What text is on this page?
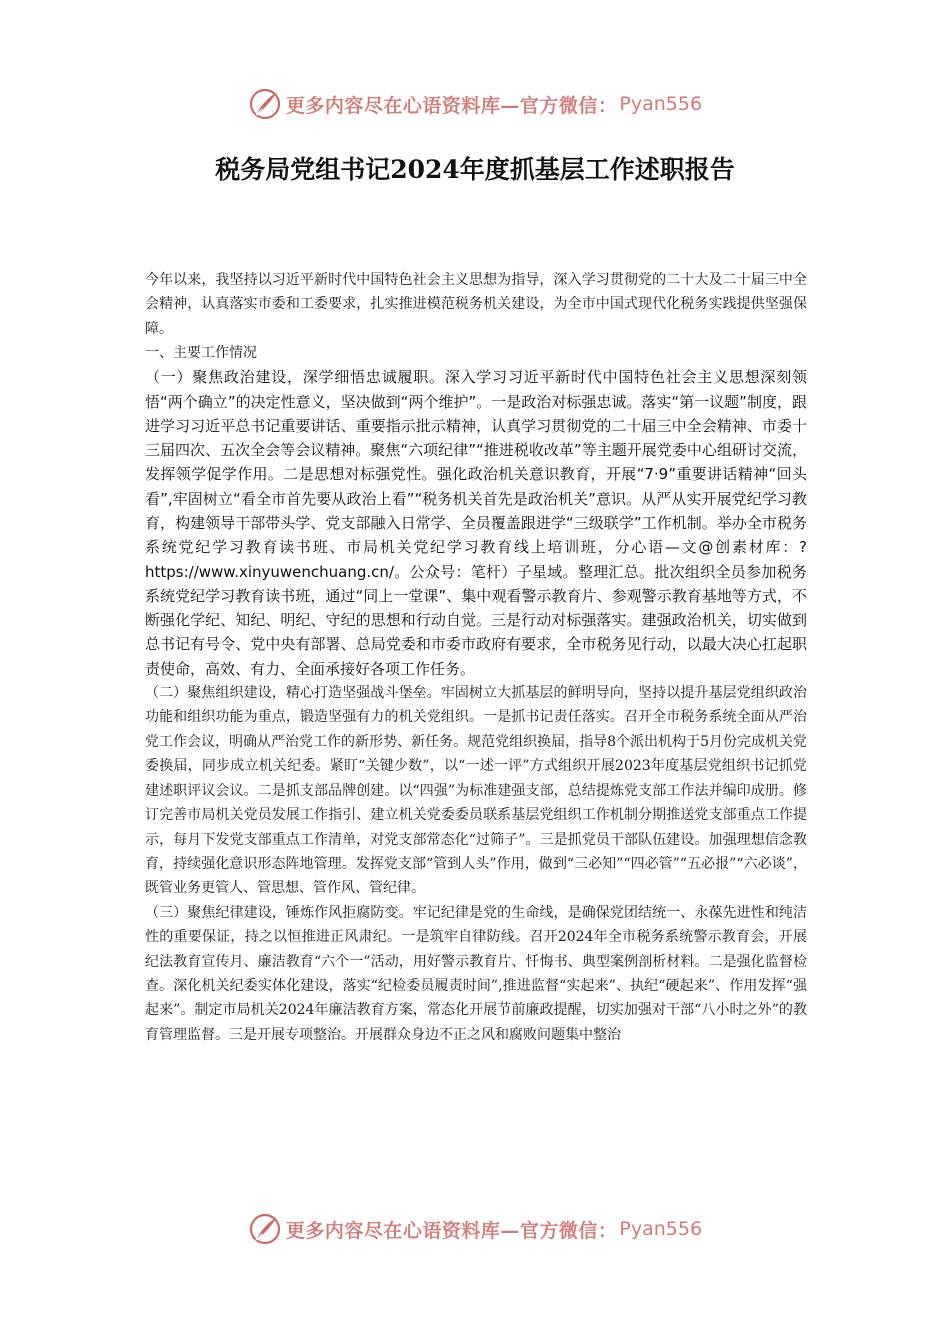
更多内容尽在心语资料库—官方微信： Pyan556
税务局党组书记2024年度抓基层工作述职报告

今年以来，我坚持以习近平新时代中国特色社会主义思想为指导，深入学习贯彻党的二十大及二十届三中全会精神，认真落实市委和工委要求，扎实推进模范税务机关建设，为全市中国式现代化税务实践提供坚强保障。

一、主要工作情况

（一）聚焦政治建设，深学细悟忠诚履职。深入学习习近平新时代中国特色社会主义思想深刻领悟“两个确立”的决定性意义，坚决做到“两个维护”。一是政治对标强忠诚。落实“第一议题”制度，跟进学习习近平总书记重要讲话、重要指示批示精神，认真学习贯彻党的二十届三中全会精神、市委十三届四次、五次全会等会议精神。聚焦“六项纪律”“推进税收改革”等主题开展党委中心组研讨交流，发挥领学促学作用。二是思想对标强党性。强化政治机关意识教育，开展“7·9”重要讲话精神“回头看”,牢固树立“看全市首先要从政治上看”“税务机关首先是政治机关”意识。从严从实开展党纪学习教育，构建领导干部带头学、党支部融入日常学、全员覆盖跟进学“三级联学”工作机制。举办全市税务系统党纪学习教育读书班、市局机关党纪学习教育线上培训班，分心语—文@创素材库：?https://www.xinyuwenchuang.cn/。公众号：笔杆）子星域。整理汇总。批次组织全员参加税务系统党纪学习教育读书班，通过“同上一堂课”、集中观看警示教育片、参观警示教育基地等方式，不断强化学纪、知纪、明纪、守纪的思想和行动自觉。三是行动对标强落实。建强政治机关，切实做到总书记有号令、党中央有部署、总局党委和市委市政府有要求，全市税务见行动，以最大决心扛起职责使命，高效、有力、全面承接好各项工作任务。

（二）聚焦组织建设，精心打造坚强战斗堡垒。牢固树立大抓基层的鲜明导向，坚持以提升基层党组织政治功能和组织功能为重点，锻造坚强有力的机关党组织。一是抓书记责任落实。召开全市税务系统全面从严治党工作会议，明确从严治党工作的新形势、新任务。规范党组织换届，指导8个派出机构于5月份完成机关党委换届，同步成立机关纪委。紧盯“关键少数”，以“一述一评”方式组织开展2023年度基层党组织书记抓党建述职评议会议。二是抓支部品牌创建。以“四强”为标准建强支部，总结提炼党支部工作法并编印成册。修订完善市局机关党员发展工作指引、建立机关党委委员联系基层党组织工作机制分期推送党支部重点工作提示，每月下发党支部重点工作清单，对党支部常态化“过筛子”。三是抓党员干部队伍建设。加强理想信念教育，持续强化意识形态阵地管理。发挥党支部“管到人头”作用，做到“三必知”“四必管”“五必报”“六必谈”，既管业务更管人、管思想、管作风、管纪律。

（三）聚焦纪律建设，锤炼作风拒腐防变。牢记纪律是党的生命线，是确保党团结统一、永葆先进性和纯洁性的重要保证，持之以恒推进正风肃纪。一是筑牢自律防线。召开2024年全市税务系统警示教育会，开展纪法教育宣传月、廉洁教育“六个一”活动，用好警示教育片、忏悔书、典型案例剖析材料。二是强化监督检查。深化机关纪委实体化建设，落实“纪检委员履责时间”,推进监督“实起来”、执纪“硬起来”、作用发挥“强起来”。制定市局机关2024年廉洁教育方案，常态化开展节前廉政提醒，切实加强对干部“八小时之外”的教育管理监督。三是开展专项整治。开展群众身边不正之风和腐败问题集中整治

更多内容尽在心语资料库—官方微信： Pyan556
